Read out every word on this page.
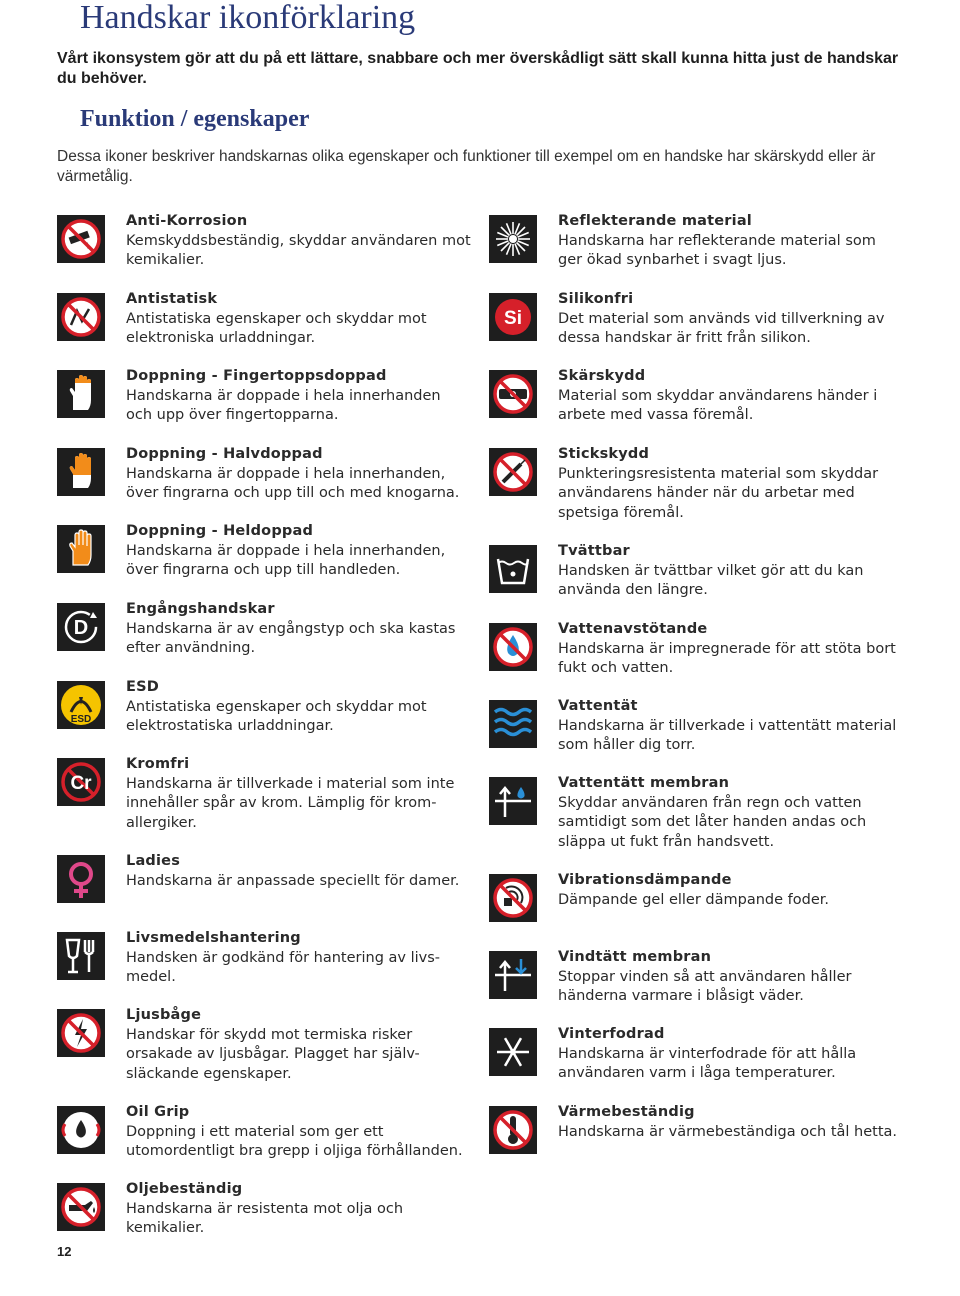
Handskar ikonförklaring

Vårt ikonsystem gör att du på ett lättare, snabbare och mer överskådligt sätt skall kunna hitta just de handskar du behöver.

Funktion / egenskaper

Dessa ikoner beskriver handskarnas olika egenskaper och funktioner till exempel om en handske har skärskydd eller är värmetålig.

Anti-Korrosion
Kemskyddsbeständig, skyddar användaren mot kemikalier.
Antistatisk
Antistatiska egenskaper och skyddar mot elektroniska urladdningar.
Doppning - Fingertoppsdoppad
Handskarna är doppade i hela innerhanden och upp över fingertopparna.
Doppning - Halvdoppad
Handskarna är doppade i hela innerhanden, över fingrarna och upp till och med knogarna.
Doppning - Heldoppad
Handskarna är doppade i hela innerhanden, över fingrarna och upp till handleden.
D
Engångshandskar
Handskarna är av engångstyp och ska kastas efter användning.
ESD
ESD
Antistatiska egenskaper och skyddar mot elektrostatiska urladdningar.
Cr
Kromfri
Handskarna är tillverkade i material som inte innehåller spår av krom. Lämplig för krom-allergiker.
Ladies
Handskarna är anpassade speciellt för damer.
Livsmedelshantering
Handsken är godkänd för hantering av livs-medel.
Ljusbåge
Handskar för skydd mot termiska risker orsakade av ljusbågar. Plagget har själv-släckande egenskaper.
Oil Grip
Doppning i ett material som ger ett utomordentligt bra grepp i oljiga förhållanden.
Oljebeständig
Handskarna är resistenta mot olja och kemikalier.
Reflekterande material
Handskarna har reflekterande material som ger ökad synbarhet i svagt ljus.
Si
Silikonfri
Det material som används vid tillverkning av dessa handskar är fritt från silikon.
Skärskydd
Material som skyddar användarens händer i arbete med vassa föremål.
Stickskydd
Punkteringsresistenta material som skyddar användarens händer när du arbetar med spetsiga föremål.
Tvättbar
Handsken är tvättbar vilket gör att du kan använda den längre.
Vattenavstötande
Handskarna är impregnerade för att stöta bort fukt och vatten.
Vattentät
Handskarna är tillverkade i vattentätt material som håller dig torr.
Vattentätt membran
Skyddar användaren från regn och vatten samtidigt som det låter handen andas och släppa ut fukt från handsvett.
Vibrationsdämpande
Dämpande gel eller dämpande foder.
Vindtätt membran
Stoppar vinden så att användaren håller händerna varmare i blåsigt väder.
Vinterfodrad
Handskarna är vinterfodrade för att hålla användaren varm i låga temperaturer.
Värmebeständig
Handskarna är värmebeständiga och tål hetta.
12
